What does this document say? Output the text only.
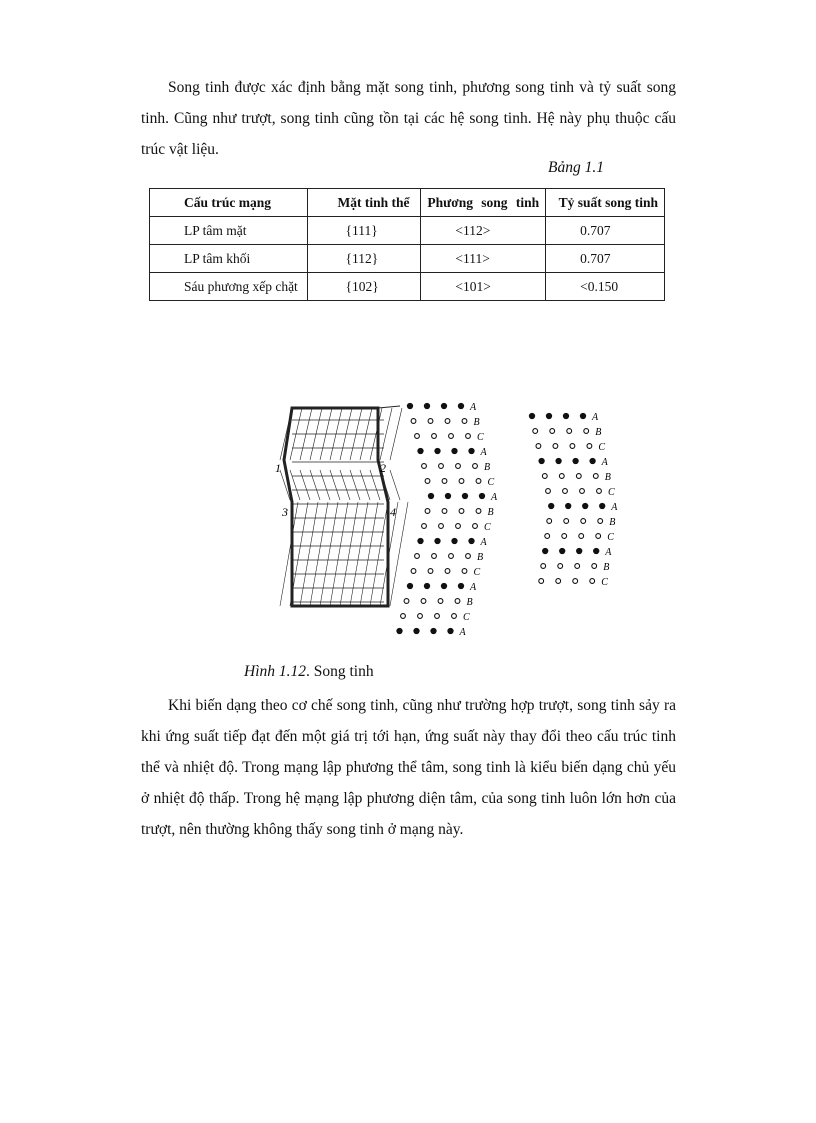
Song tinh được xác định bằng mặt song tinh, phương song tinh và tỷ suất song tinh. Cũng như trượt, song tinh cũng tồn tại các hệ song tinh. Hệ này phụ thuộc cấu trúc vật liệu.

Bảng 1.1
Cấu trúc mạng	Mặt tinh thể	Phương song tinh	Tỷ suất song tinh
LP tâm mặt	{111}	<112>	0.707
LP tâm khối	{112}	<111>	0.707
Sáu phương xếp chặt	{102}	<101>	<0.150
1	2
3	4
A
B
C
A
B
C
A
B
C
A
B
C
A
B
C
A
A
B
C
A
B
C
A
B
C
A
B
C
Hình 1.12. Song tinh

Khi biến dạng theo cơ chế song tinh, cũng như trường hợp trượt, song tinh sảy ra khi ứng suất tiếp đạt đến một giá trị tới hạn, ứng suất này thay đổi theo cấu trúc tinh thể và nhiệt độ. Trong mạng lập phương thể tâm, song tinh là kiểu biến dạng chủ yếu ở nhiệt độ thấp. Trong hệ mạng lập phương diện tâm, của song tinh luôn lớn hơn của trượt, nên thường không thấy song tinh ở mạng này.
